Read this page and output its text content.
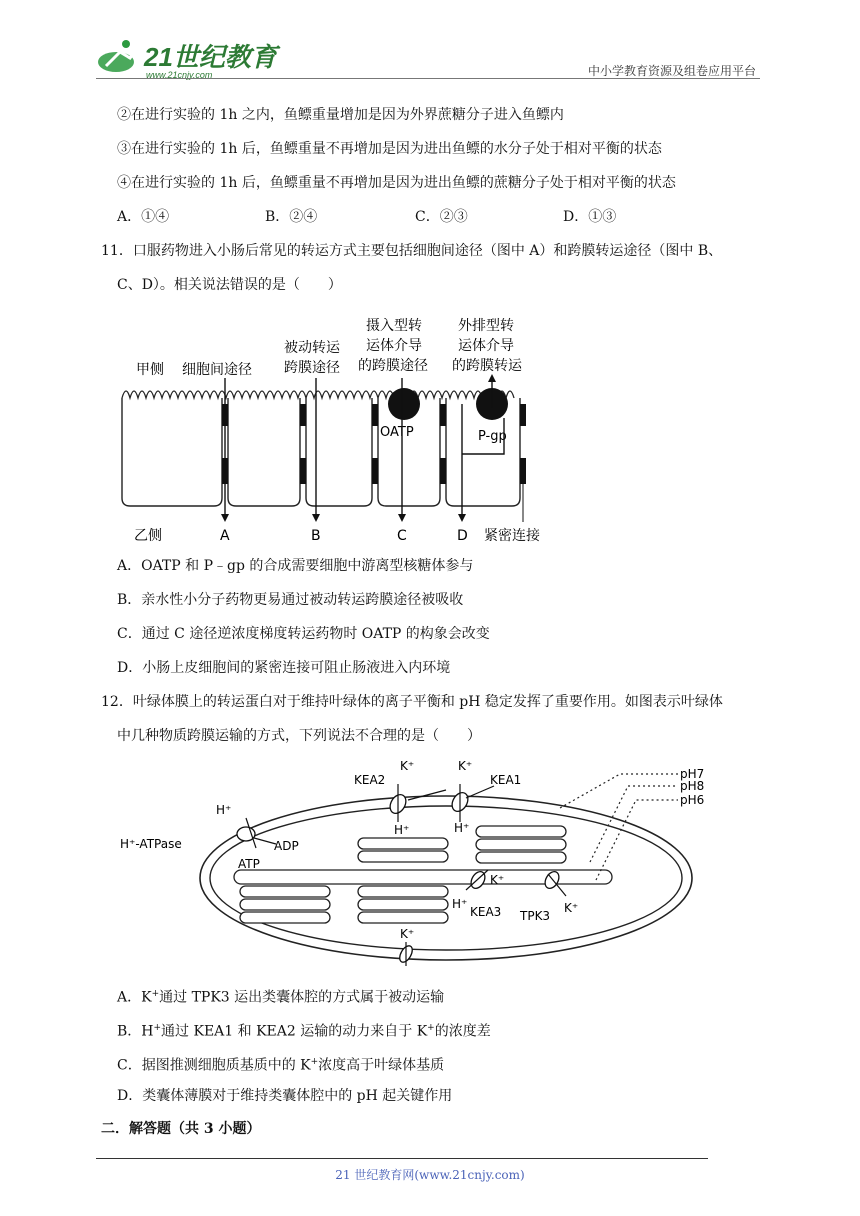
21世纪教育
www.21cnjy.com	中小学教育资源及组卷应用平台
②在进行实验的 1h 之内，鱼鳔重量增加是因为外界蔗糖分子进入鱼鳔内
③在进行实验的 1h 后，鱼鳔重量不再增加是因为进出鱼鳔的水分子处于相对平衡的状态
④在进行实验的 1h 后，鱼鳔重量不再增加是因为进出鱼鳔的蔗糖分子处于相对平衡的状态
A．①④	B．②④	C．②③	D．①③
11．口服药物进入小肠后常见的转运方式主要包括细胞间途径（图中 A）和跨膜转运途径（图中 B、
C、D）。相关说法错误的是（　　）
甲侧 细胞间途径
被动转运
跨膜途径
摄入型转
运体介导
的跨膜途径
外排型转
运体介导
的跨膜转运
OATP	P-gp
乙侧	A	B	C	D 紧密连接
A．OATP 和 P﹣gp 的合成需要细胞中游离型核糖体参与
B．亲水性小分子药物更易通过被动转运跨膜途径被吸收
C．通过 C 途径逆浓度梯度转运药物时 OATP 的构象会改变
D．小肠上皮细胞间的紧密连接可阻止肠液进入内环境
12．叶绿体膜上的转运蛋白对于维持叶绿体的离子平衡和 pH 稳定发挥了重要作用。如图表示叶绿体
中几种物质跨膜运输的方式，下列说法不合理的是（　　）
KEA2
K⁺	K⁺
KEA1
H⁺	H⁺
H⁺
H⁺-ATPase	ADP
ATP
K⁺
H⁺
KEA3 TPK3
K⁺
K⁺
pH7
pH8
pH6
A．K+通过 TPK3 运出类囊体腔的方式属于被动运输
B．H+通过 KEA1 和 KEA2 运输的动力来自于 K+的浓度差
C．据图推测细胞质基质中的 K+浓度高于叶绿体基质
D．类囊体薄膜对于维持类囊体腔中的 pH 起关键作用
二．解答题（共 3 小题）
21 世纪教育网(www.21cnjy.com)
